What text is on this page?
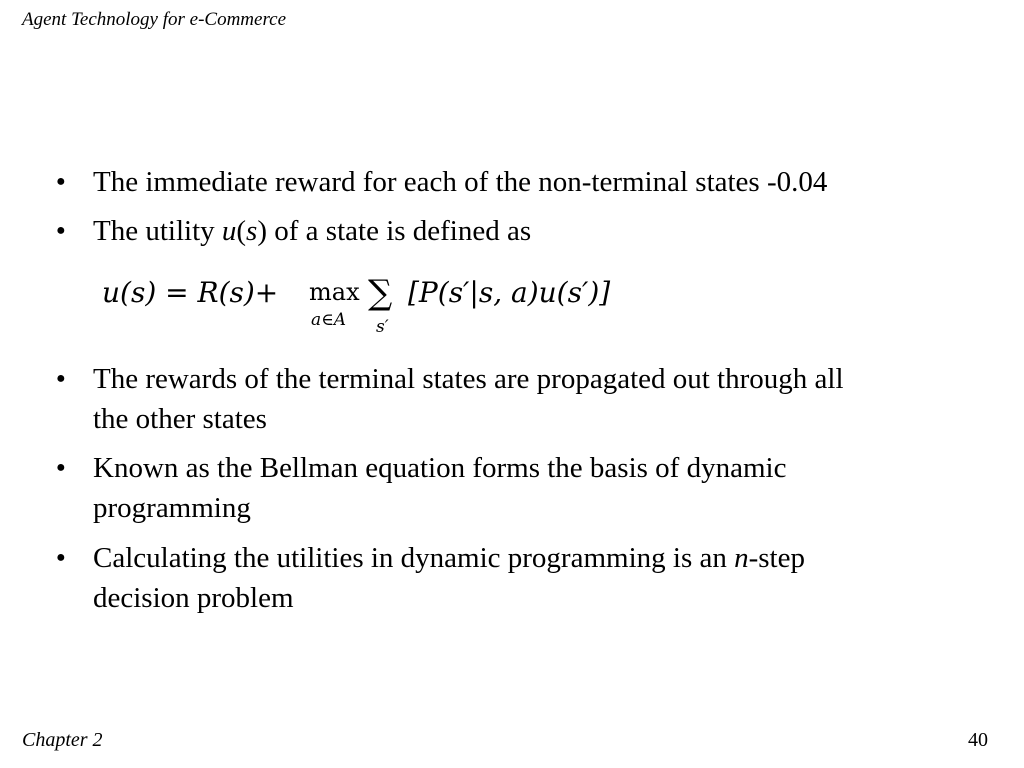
Agent Technology for e-Commerce
● The immediate reward for each of the non-terminal states -0.04
● The utility u(s) of a state is defined as
● The rewards of the terminal states are propagated out through all
the other states
● Known as the Bellman equation forms the basis of dynamic
programming
● Calculating the utilities in dynamic programming is an n-step
decision problem
u(s) = R(s)+ max
a∈A
∑
s′
[P(s′|s, a)u(s′)]
Chapter 2	40
